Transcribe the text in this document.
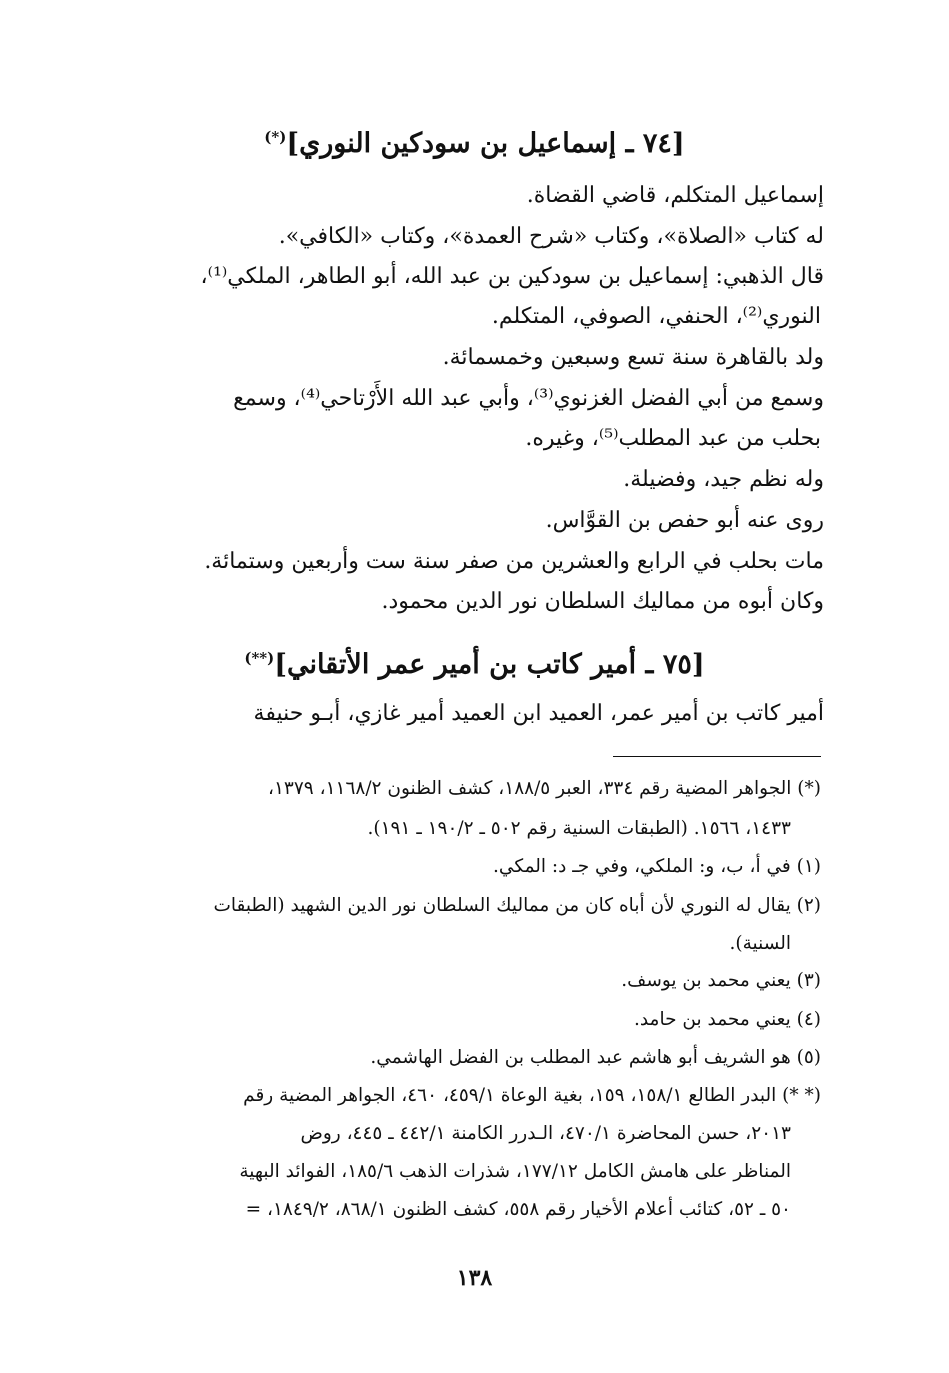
[٧٤ ـ إسماعيل بن سودكين النوري](*)
إسماعيل المتكلم، قاضي القضاة.
له كتاب «الصلاة»، وكتاب «شرح العمدة»، وكتاب «الكافي».
قال الذهبي: إسماعيل بن سودكين بن عبد الله، أبو الطاهر، الملكي⁽¹⁾،
النوري⁽²⁾، الحنفي، الصوفي، المتكلم.
ولد بالقاهرة سنة تسع وسبعين وخمسمائة.
وسمع من أبي الفضل الغزنوي⁽³⁾، وأبي عبد الله الأَرْتاحي⁽⁴⁾، وسمع
بحلب من عبد المطلب⁽⁵⁾، وغيره.
وله نظم جيد، وفضيلة.
روى عنه أبو حفص بن القوَّاس.
مات بحلب في الرابع والعشرين من صفر سنة ست وأربعين وستمائة.
وكان أبوه من مماليك السلطان نور الدين محمود.
[٧٥ ـ أمير كاتب بن أمير عمر الأتقاني](**)
أمير كاتب بن أمير عمر، العميد ابن العميد أمير غازي، أبـو حنيفة
(*) الجواهر المضية رقم ٣٣٤، العبر ١٨٨/٥، كشف الظنون ١١٦٨/٢، ١٣٧٩،
١٤٣٣، ١٥٦٦. (الطبقات السنية رقم ٥٠٢ ـ ١٩٠/٢ ـ ١٩١).
(١) في أ، ب، و: الملكي، وفي جـ د: المكي.
(٢) يقال له النوري لأن أباه كان من مماليك السلطان نور الدين الشهيد (الطبقات
السنية).
(٣) يعني محمد بن يوسف.
(٤) يعني محمد بن حامد.
(٥) هو الشريف أبو هاشم عبد المطلب بن الفضل الهاشمي.
(* *) البدر الطالع ١٥٨/١، ١٥٩، بغية الوعاة ٤٥٩/١، ٤٦٠، الجواهر المضية رقم
٢٠١٣، حسن المحاضرة ٤٧٠/١، الـدرر الكامنة ٤٤٢/١ ـ ٤٤٥، روض
المناظر على هامش الكامل ١٧٧/١٢، شذرات الذهب ١٨٥/٦، الفوائد البهية
٥٠ ـ ٥٢، كتائب أعلام الأخيار رقم ٥٥٨، كشف الظنون ٨٦٨/١، ١٨٤٩/٢، =
١٣٨
